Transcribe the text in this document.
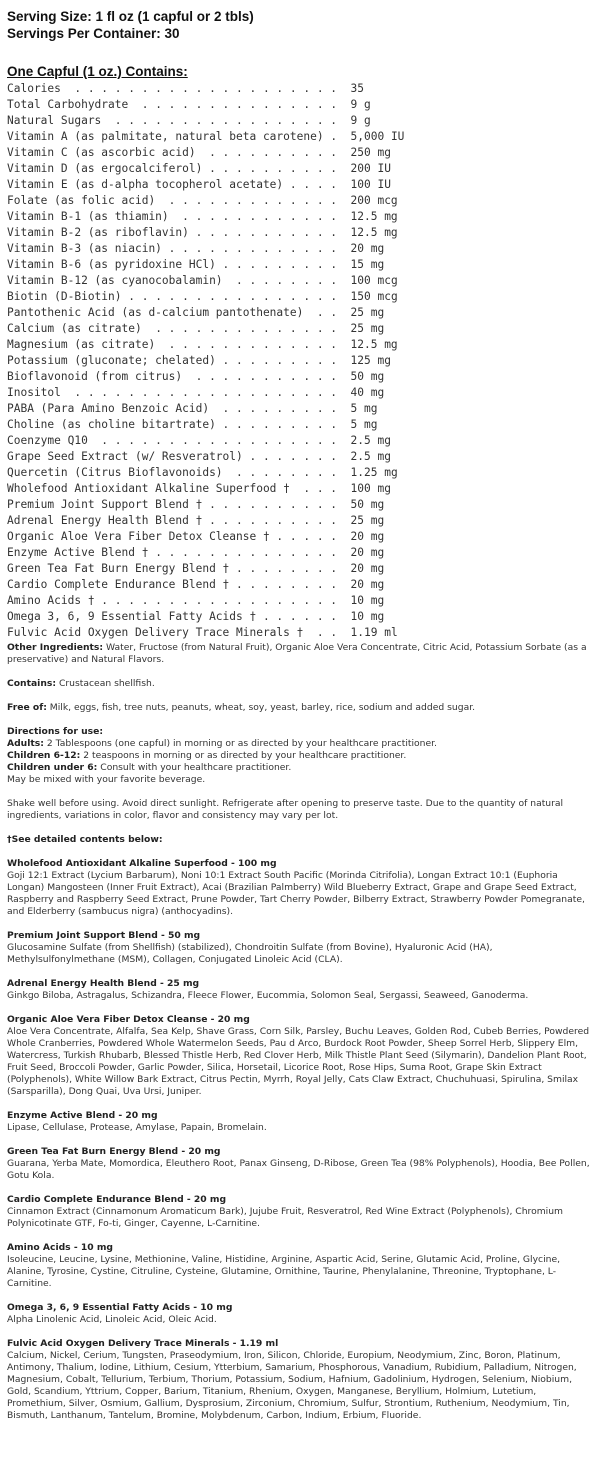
Serving Size: 1 fl oz (1 capful or 2 tbls)
Servings Per Container: 30
One Capful (1 oz.) Contains:
Calories  . . . . . . . . . . . . . . . . . . . .  35
Total Carbohydrate  . . . . . . . . . . . . . . .  9 g
Natural Sugars  . . . . . . . . . . . . . . . . .  9 g
Vitamin A (as palmitate, natural beta carotene) .  5,000 IU
Vitamin C (as ascorbic acid)  . . . . . . . . . .  250 mg
Vitamin D (as ergocalciferol) . . . . . . . . . .  200 IU
Vitamin E (as d-alpha tocopherol acetate) . . . .  100 IU
Folate (as folic acid)  . . . . . . . . . . . . .  200 mcg
Vitamin B-1 (as thiamin)  . . . . . . . . . . . .  12.5 mg
Vitamin B-2 (as riboflavin) . . . . . . . . . . .  12.5 mg
Vitamin B-3 (as niacin) . . . . . . . . . . . . .  20 mg
Vitamin B-6 (as pyridoxine HCl) . . . . . . . . .  15 mg
Vitamin B-12 (as cyanocobalamin)  . . . . . . . .  100 mcg
Biotin (D-Biotin) . . . . . . . . . . . . . . . .  150 mcg
Pantothenic Acid (as d-calcium pantothenate)  . .  25 mg
Calcium (as citrate)  . . . . . . . . . . . . . .  25 mg
Magnesium (as citrate)  . . . . . . . . . . . . .  12.5 mg
Potassium (gluconate; chelated) . . . . . . . . .  125 mg
Bioflavonoid (from citrus)  . . . . . . . . . . .  50 mg
Inositol  . . . . . . . . . . . . . . . . . . . .  40 mg
PABA (Para Amino Benzoic Acid)  . . . . . . . . .  5 mg
Choline (as choline bitartrate) . . . . . . . . .  5 mg
Coenzyme Q10  . . . . . . . . . . . . . . . . . .  2.5 mg
Grape Seed Extract (w/ Resveratrol) . . . . . . .  2.5 mg
Quercetin (Citrus Bioflavonoids)  . . . . . . . .  1.25 mg
Wholefood Antioxidant Alkaline Superfood †  . . .  100 mg
Premium Joint Support Blend † . . . . . . . . . .  50 mg
Adrenal Energy Health Blend † . . . . . . . . . .  25 mg
Organic Aloe Vera Fiber Detox Cleanse † . . . . .  20 mg
Enzyme Active Blend † . . . . . . . . . . . . . .  20 mg
Green Tea Fat Burn Energy Blend † . . . . . . . .  20 mg
Cardio Complete Endurance Blend † . . . . . . . .  20 mg
Amino Acids † . . . . . . . . . . . . . . . . . .  10 mg
Omega 3, 6, 9 Essential Fatty Acids † . . . . . .  10 mg
Fulvic Acid Oxygen Delivery Trace Minerals †  . .  1.19 ml
Other Ingredients: Water, Fructose (from Natural Fruit), Organic Aloe Vera Concentrate, Citric Acid, Potassium Sorbate (as a preservative) and Natural Flavors.
Contains: Crustacean shellfish.
Free of: Milk, eggs, fish, tree nuts, peanuts, wheat, soy, yeast, barley, rice, sodium and added sugar.
Directions for use:
Adults: 2 Tablespoons (one capful) in morning or as directed by your healthcare practitioner.
Children 6-12: 2 teaspoons in morning or as directed by your healthcare practitioner.
Children under 6: Consult with your healthcare practitioner.
May be mixed with your favorite beverage.
Shake well before using. Avoid direct sunlight. Refrigerate after opening to preserve taste. Due to the quantity of natural ingredients, variations in color, flavor and consistency may vary per lot.
†See detailed contents below:
Wholefood Antioxidant Alkaline Superfood - 100 mg
Goji 12:1 Extract (Lycium Barbarum), Noni 10:1 Extract South Pacific (Morinda Citrifolia), Longan Extract 10:1 (Euphoria Longan) Mangosteen (Inner Fruit Extract), Acai (Brazilian Palmberry) Wild Blueberry Extract, Grape and Grape Seed Extract, Raspberry and Raspberry Seed Extract, Prune Powder, Tart Cherry Powder, Bilberry Extract, Strawberry Powder Pomegranate, and Elderberry (sambucus nigra) (anthocyadins).
Premium Joint Support Blend - 50 mg
Glucosamine Sulfate (from Shellfish) (stabilized), Chondroitin Sulfate (from Bovine), Hyaluronic Acid (HA), Methylsulfonylmethane (MSM), Collagen, Conjugated Linoleic Acid (CLA).
Adrenal Energy Health Blend - 25 mg
Ginkgo Biloba, Astragalus, Schizandra, Fleece Flower, Eucommia, Solomon Seal, Sergassi, Seaweed, Ganoderma.
Organic Aloe Vera Fiber Detox Cleanse - 20 mg
Aloe Vera Concentrate, Alfalfa, Sea Kelp, Shave Grass, Corn Silk, Parsley, Buchu Leaves, Golden Rod, Cubeb Berries, Powdered Whole Cranberries, Powdered Whole Watermelon Seeds, Pau d Arco, Burdock Root Powder, Sheep Sorrel Herb, Slippery Elm, Watercress, Turkish Rhubarb, Blessed Thistle Herb, Red Clover Herb, Milk Thistle Plant Seed (Silymarin), Dandelion Plant Root, Fruit Seed, Broccoli Powder, Garlic Powder, Silica, Horsetail, Licorice Root, Rose Hips, Suma Root, Grape Skin Extract (Polyphenols), White Willow Bark Extract, Citrus Pectin, Myrrh, Royal Jelly, Cats Claw Extract, Chuchuhuasi, Spirulina, Smilax (Sarsparilla), Dong Quai, Uva Ursi, Juniper.
Enzyme Active Blend - 20 mg
Lipase, Cellulase, Protease, Amylase, Papain, Bromelain.
Green Tea Fat Burn Energy Blend - 20 mg
Guarana, Yerba Mate, Momordica, Eleuthero Root, Panax Ginseng, D-Ribose, Green Tea (98% Polyphenols), Hoodia, Bee Pollen, Gotu Kola.
Cardio Complete Endurance Blend - 20 mg
Cinnamon Extract (Cinnamonum Aromaticum Bark), Jujube Fruit, Resveratrol, Red Wine Extract (Polyphenols), Chromium Polynicotinate GTF, Fo-ti, Ginger, Cayenne, L-Carnitine.
Amino Acids - 10 mg
Isoleucine, Leucine, Lysine, Methionine, Valine, Histidine, Arginine, Aspartic Acid, Serine, Glutamic Acid, Proline, Glycine, Alanine, Tyrosine, Cystine, Citruline, Cysteine, Glutamine, Ornithine, Taurine, Phenylalanine, Threonine, Tryptophane, L-Carnitine.
Omega 3, 6, 9 Essential Fatty Acids - 10 mg
Alpha Linolenic Acid, Linoleic Acid, Oleic Acid.
Fulvic Acid Oxygen Delivery Trace Minerals - 1.19 ml
Calcium, Nickel, Cerium, Tungsten, Praseodymium, Iron, Silicon, Chloride, Europium, Neodymium, Zinc, Boron, Platinum, Antimony, Thalium, Iodine, Lithium, Cesium, Ytterbium, Samarium, Phosphorous, Vanadium, Rubidium, Palladium, Nitrogen, Magnesium, Cobalt, Tellurium, Terbium, Thorium, Potassium, Sodium, Hafnium, Gadolinium, Hydrogen, Selenium, Niobium, Gold, Scandium, Yttrium, Copper, Barium, Titanium, Rhenium, Oxygen, Manganese, Beryllium, Holmium, Lutetium, Promethium, Silver, Osmium, Gallium, Dysprosium, Zirconium, Chromium, Sulfur, Strontium, Ruthenium, Neodymium, Tin, Bismuth, Lanthanum, Tantelum, Bromine, Molybdenum, Carbon, Indium, Erbium, Fluoride.
